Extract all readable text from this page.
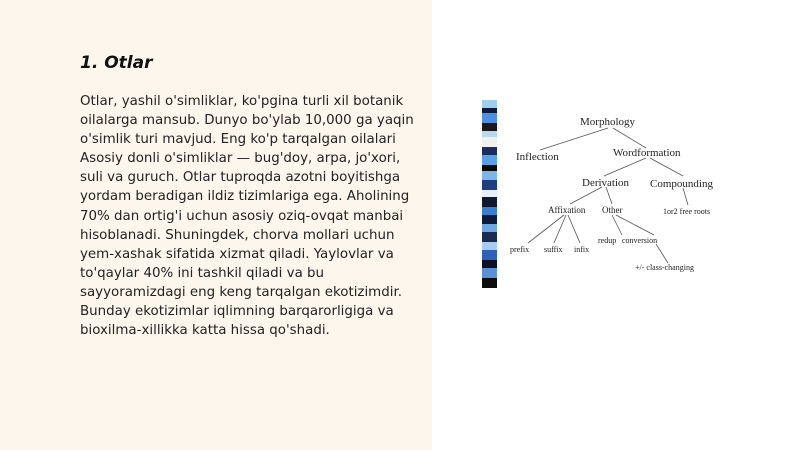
1. Otlar

Otlar, yashil o'simliklar, ko'pgina turli xil botanik oilalarga mansub. Dunyo bo'ylab 10,000 ga yaqin o'simlik turi mavjud. Eng ko'p tarqalgan oilalari Asosiy donli o'simliklar — bug'doy, arpa, jo'xori, suli va guruch. Otlar tuproqda azotni boyitishga yordam beradigan ildiz tizimlariga ega. Aholining 70% dan ortig'i uchun asosiy oziq-ovqat manbai hisoblanadi. Shuningdek, chorva mollari uchun yem-xashak sifatida xizmat qiladi. Yaylovlar va to'qaylar 40% ini tashkil qiladi va bu sayyoramizdagi eng keng tarqalgan ekotizimdir. Bunday ekotizimlar iqlimning barqarorligiga va bioxilma-xillikka katta hissa qo'shadi.

Morphology
Inflection	Wordformation
Derivation Compounding
Affixation Other	1or2 free roots
prefix suffix infix
redup conversion
+/- class-changing
